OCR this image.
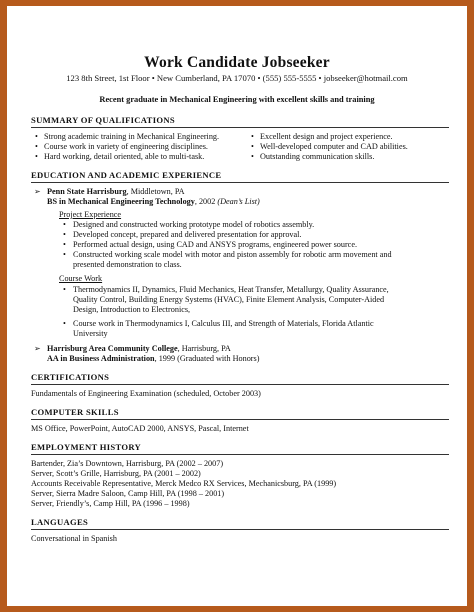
Work Candidate Jobseeker
123 8th Street, 1st Floor • New Cumberland, PA 17070 • (555) 555-5555 • jobseeker@hotmail.com
Recent graduate in Mechanical Engineering with excellent skills and training
SUMMARY OF QUALIFICATIONS
• Strong academic training in Mechanical Engineering.
• Course work in variety of engineering disciplines.
• Hard working, detail oriented, able to multi-task.
• Excellent design and project experience.
• Well-developed computer and CAD abilities.
• Outstanding communication skills.
EDUCATION AND ACADEMIC EXPERIENCE
➢ Penn State Harrisburg, Middletown, PA
BS in Mechanical Engineering Technology, 2002 (Dean’s List)
Project Experience
• Designed and constructed working prototype model of robotics assembly.
• Developed concept, prepared and delivered presentation for approval.
• Performed actual design, using CAD and ANSYS programs, engineered power source.
• Constructed working scale model with motor and piston assembly for robotic arm movement and
presented demonstration to class.
Course Work
• Thermodynamics II, Dynamics, Fluid Mechanics, Heat Transfer, Metallurgy, Quality Assurance,
Quality Control, Building Energy Systems (HVAC), Finite Element Analysis, Computer-Aided
Design, Introduction to Electronics,
• Course work in Thermodynamics I, Calculus III, and Strength of Materials, Florida Atlantic
University
➢ Harrisburg Area Community College, Harrisburg, PA
AA in Business Administration, 1999 (Graduated with Honors)
CERTIFICATIONS
Fundamentals of Engineering Examination (scheduled, October 2003)
COMPUTER SKILLS
MS Office, PowerPoint, AutoCAD 2000, ANSYS, Pascal, Internet
EMPLOYMENT HISTORY
Bartender, Zia’s Downtown, Harrisburg, PA (2002 – 2007)
Server, Scott’s Grille, Harrisburg, PA (2001 – 2002)
Accounts Receivable Representative, Merck Medco RX Services, Mechanicsburg, PA (1999)
Server, Sierra Madre Saloon, Camp Hill, PA (1998 – 2001)
Server, Friendly’s, Camp Hill, PA (1996 – 1998)
LANGUAGES
Conversational in Spanish
